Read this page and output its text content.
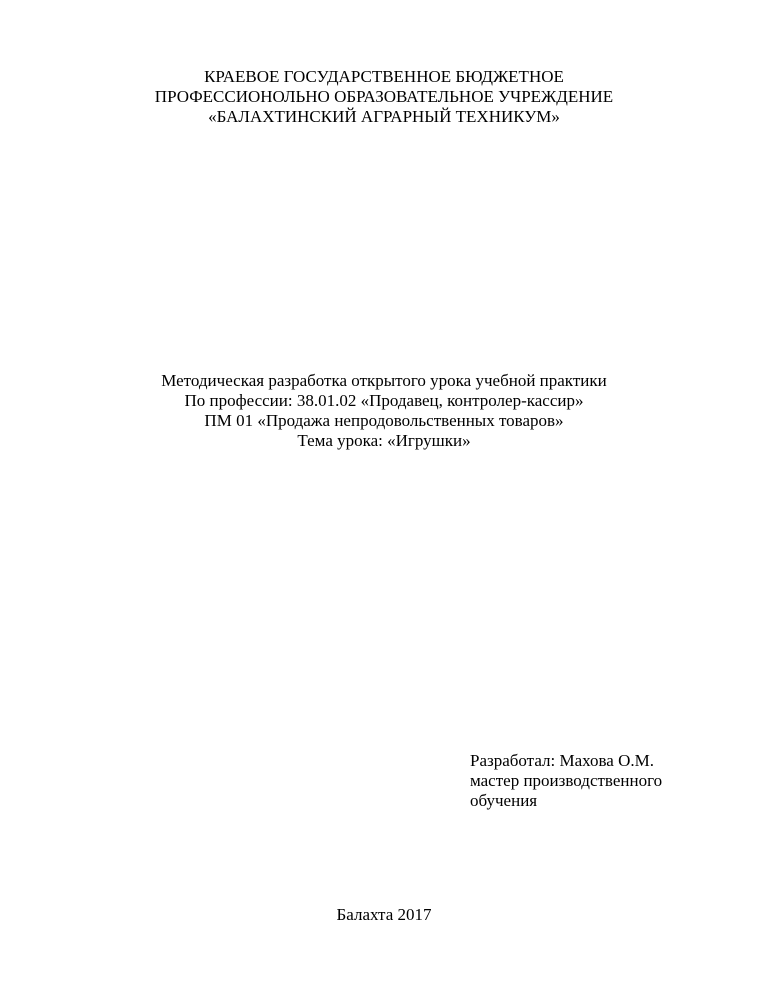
КРАЕВОЕ ГОСУДАРСТВЕННОЕ БЮДЖЕТНОЕ
ПРОФЕССИОНОЛЬНО ОБРАЗОВАТЕЛЬНОЕ УЧРЕЖДЕНИЕ
«БАЛАХТИНСКИЙ АГРАРНЫЙ ТЕХНИКУМ»
Методическая разработка открытого урока учебной практики
По профессии: 38.01.02 «Продавец, контролер-кассир»
ПМ 01 «Продажа непродовольственных товаров»
Тема урока: «Игрушки»
Разработал: Махова О.М.
мастер производственного
обучения
Балахта 2017
